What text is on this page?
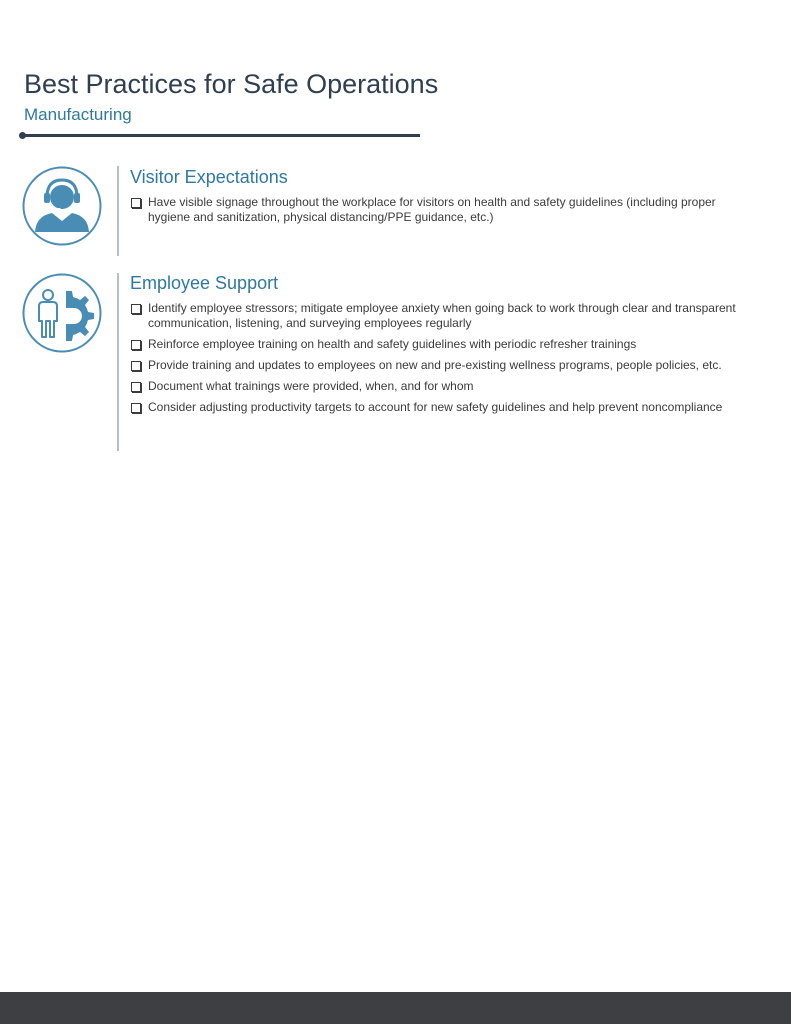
Best Practices for Safe Operations
Manufacturing
Visitor Expectations
Have visible signage throughout the workplace for visitors on health and safety guidelines (including proper hygiene and sanitization, physical distancing/PPE guidance, etc.)
Employee Support
Identify employee stressors; mitigate employee anxiety when going back to work through clear and transparent communication, listening, and surveying employees regularly
Reinforce employee training on health and safety guidelines with periodic refresher trainings
Provide training and updates to employees on new and pre-existing wellness programs, people policies, etc.
Document what trainings were provided, when, and for whom
Consider adjusting productivity targets to account for new safety guidelines and help prevent noncompliance
